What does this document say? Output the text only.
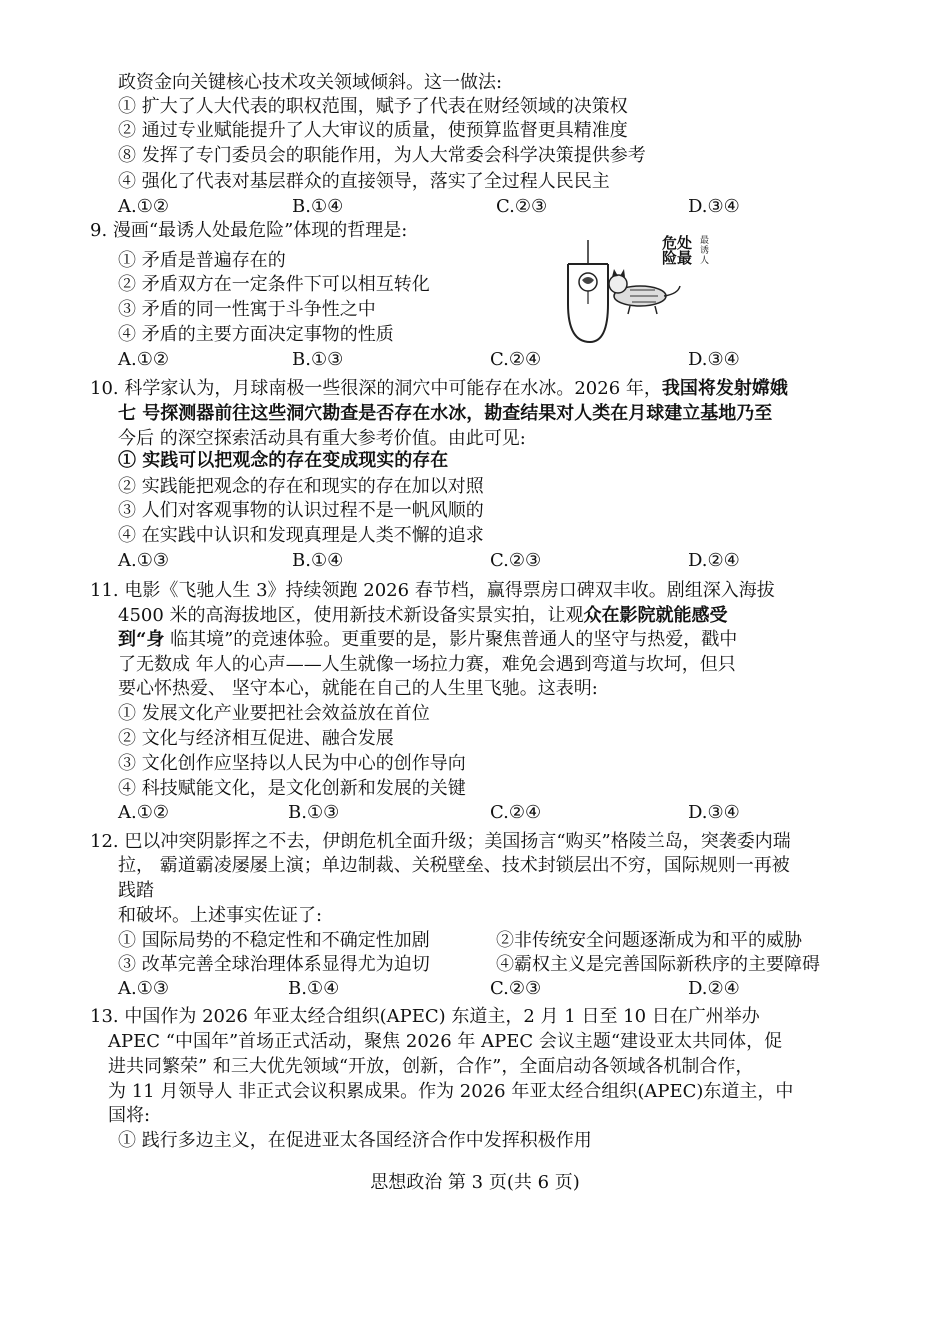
政资金向关键核心技术攻关领域倾斜。这一做法:
① 扩大了人大代表的职权范围，赋予了代表在财经领域的决策权
② 通过专业赋能提升了人大审议的质量，使预算监督更具精准度
⑧ 发挥了专门委员会的职能作用，为人大常委会科学决策提供参考
④ 强化了代表对基层群众的直接领导，落实了全过程人民民主
A.①②	B.①④	C.②③	D.③④
9. 漫画“最诱人处最危险”体现的哲理是:
① 矛盾是普遍存在的
② 矛盾双方在一定条件下可以相互转化
③ 矛盾的同一性寓于斗争性之中
④ 矛盾的主要方面决定事物的性质
A.①②	B.①③	C.②④	D.③④
危处险最
最诱人
10. 科学家认为，月球南极一些很深的洞穴中可能存在水冰。2026 年，我国将发射嫦娥
七 号探测器前往这些洞穴勘查是否存在水冰，勘查结果对人类在月球建立基地乃至
今后 的深空探索活动具有重大参考价值。由此可见:
① 实践可以把观念的存在变成现实的存在
② 实践能把观念的存在和现实的存在加以对照
③ 人们对客观事物的认识过程不是一帆风顺的
④ 在实践中认识和发现真理是人类不懈的追求
A.①③	B.①④	C.②③	D.②④
11. 电影《飞驰人生 3》持续领跑 2026 春节档，赢得票房口碑双丰收。剧组深入海拔
4500 米的高海拔地区，使用新技术新设备实景实拍，让观众在影院就能感受
到“身 临其境”的竞速体验。更重要的是，影片聚焦普通人的坚守与热爱，戳中
了无数成 年人的心声——人生就像一场拉力赛，难免会遇到弯道与坎坷，但只
要心怀热爱、 坚守本心，就能在自己的人生里飞驰。这表明:
① 发展文化产业要把社会效益放在首位
② 文化与经济相互促进、融合发展
③ 文化创作应坚持以人民为中心的创作导向
④ 科技赋能文化，是文化创新和发展的关键
A.①②	B.①③	C.②④	D.③④
12. 巴以冲突阴影挥之不去，伊朗危机全面升级；美国扬言“购买”格陵兰岛，突袭委内瑞
拉， 霸道霸凌屡屡上演；单边制裁、关税壁垒、技术封锁层出不穷，国际规则一再被
践踏
和破坏。上述事实佐证了:
① 国际局势的不稳定性和不确定性加剧	②非传统安全问题逐渐成为和平的威胁
③ 改革完善全球治理体系显得尤为迫切	④霸权主义是完善国际新秩序的主要障碍
A.①③	B.①④	C.②③	D.②④
13. 中国作为 2026 年亚太经合组织(APEC) 东道主，2 月 1 日至 10 日在广州举办
APEC “中国年”首场正式活动，聚焦 2026 年 APEC 会议主题“建设亚太共同体，促
进共同繁荣” 和三大优先领域“开放，创新，合作”，全面启动各领域各机制合作，
为 11 月领导人 非正式会议积累成果。作为 2026 年亚太经合组织(APEC)东道主，中
国将:
① 践行多边主义，在促进亚太各国经济合作中发挥积极作用
思想政治 第 3 页(共 6 页)
